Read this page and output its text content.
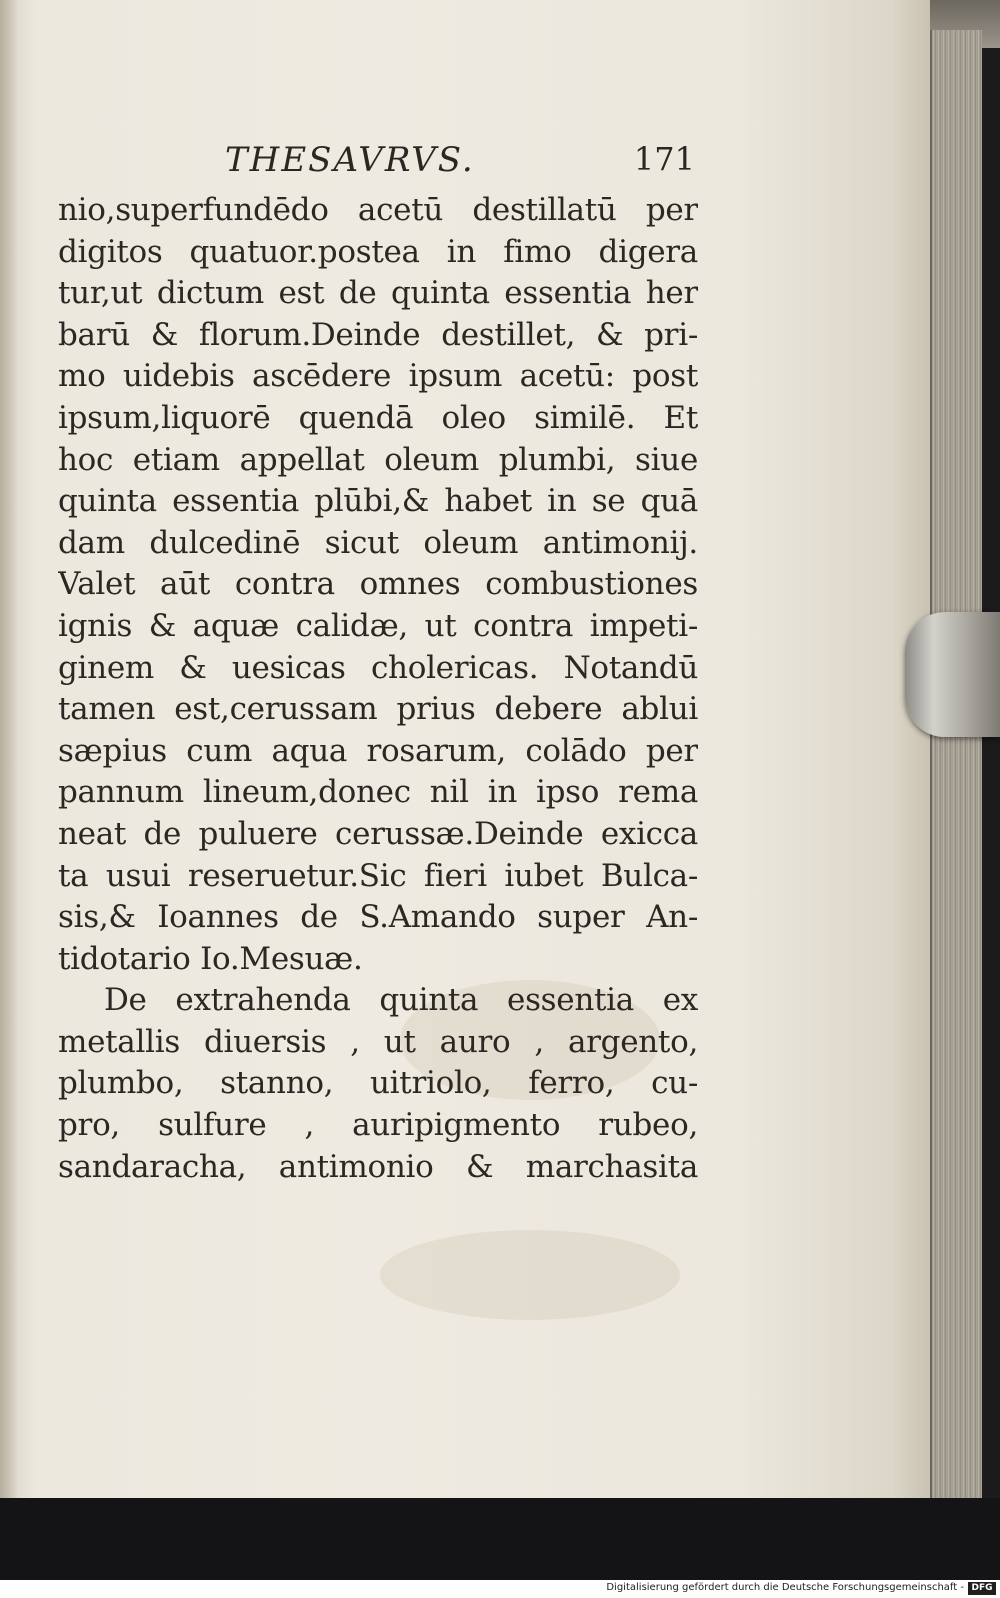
THESAVRVS.	171
nio,superfundēdo acetū destillatū per
digitos quatuor.postea in fimo digera
tur,ut dictum est de quinta essentia her
barū & florum.Deinde destillet, & pri-
mo uidebis ascēdere ipsum acetū: post
ipsum,liquorē quendā oleo similē. Et
hoc etiam appellat oleum plumbi, siue
quinta essentia plūbi,& habet in se quā
dam dulcedinē sicut oleum antimonij.
Valet aūt contra omnes combustiones
ignis & aquæ calidæ, ut contra impeti-
ginem & uesicas cholericas. Notandū
tamen est,cerussam prius debere ablui
sæpius cum aqua rosarum, colādo per
pannum lineum,donec nil in ipso rema
neat de puluere cerussæ.Deinde exicca
ta usui reseruetur.Sic fieri iubet Bulca-
sis,& Ioannes de S.Amando super An-
tidotario Io.Mesuæ.
De extrahenda quinta essentia ex
metallis diuersis , ut auro , argento,
plumbo, stanno, uitriolo, ferro, cu-
pro, sulfure , auripigmento rubeo,
sandaracha, antimonio & marchasita
Digitalisierung gefördert durch die Deutsche Forschungsgemeinschaft - DFG
